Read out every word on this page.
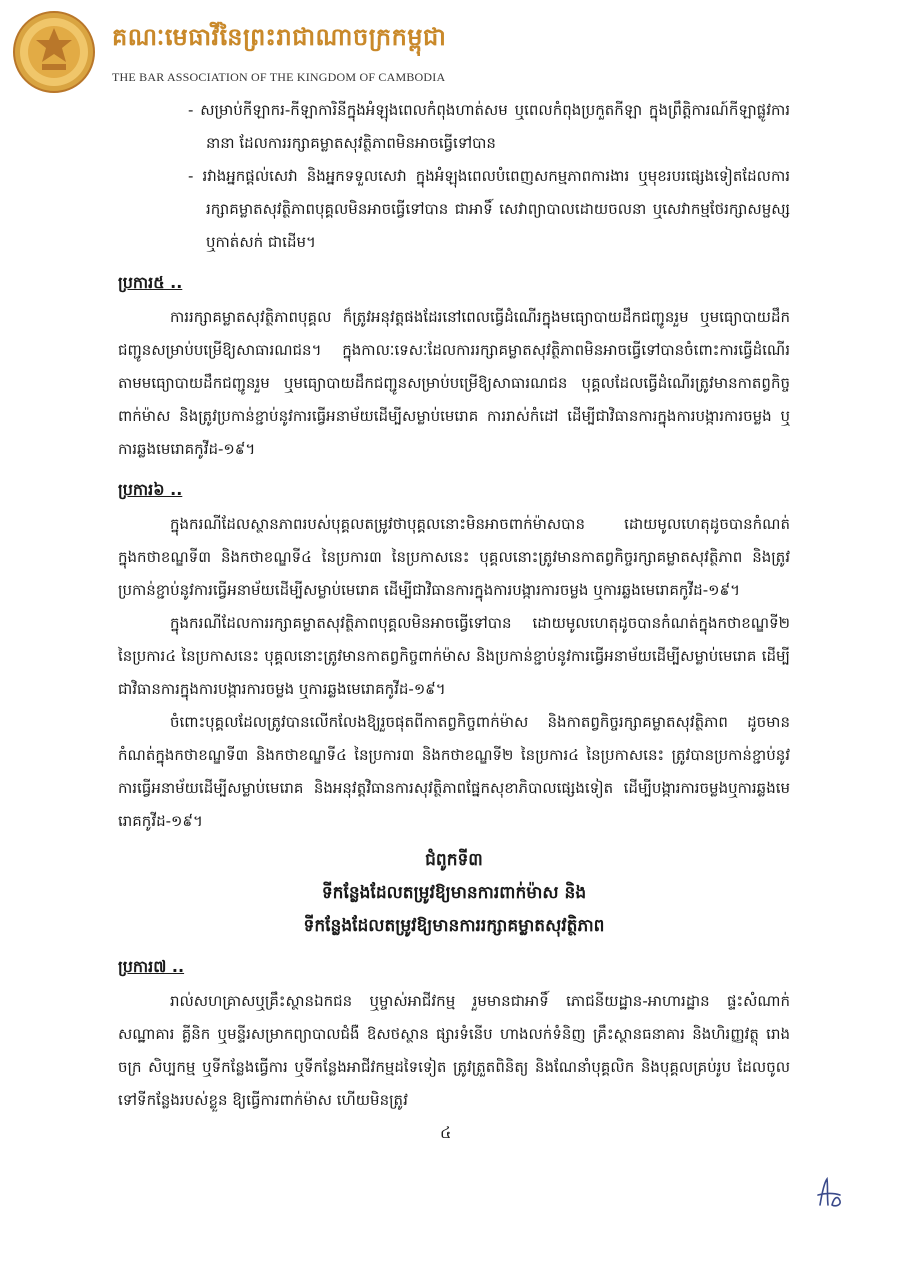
គណៈមេធាវីនៃព្រះរាជាណាចក្រកម្ពុជា
THE BAR ASSOCIATION OF THE KINGDOM OF CAMBODIA

- សម្រាប់កីឡាករ-កីឡាការិនីក្នុងអំឡុងពេលកំពុងហាត់សម ឬពេលកំពុងប្រកួតកីឡា ក្នុងព្រឹត្តិការណ៍កីឡាផ្លូវការនានា ដែលការរក្សាគម្លាតសុវត្ថិភាពមិនអាចធ្វើទៅបាន

- រវាងអ្នកផ្តល់សេវា និងអ្នកទទួលសេវា ក្នុងអំឡុងពេលបំពេញសកម្មភាពការងារ ឬមុខរបរផ្សេងទៀតដែលការរក្សាគម្លាតសុវត្ថិភាពបុគ្គលមិនអាចធ្វើទៅបាន ជាអាទិ៍ សេវាព្យាបាលដោយចលនា ឬសេវាកម្មថែរក្សាសម្ផស្ស ឬកាត់សក់ ជាដើម។

ប្រការ៥ ..

ការរក្សាគម្លាតសុវត្ថិភាពបុគ្គល ក៏ត្រូវអនុវត្តផងដែរនៅពេលធ្វើដំណើរក្នុងមធ្យោបាយដឹកជញ្ជូនរួម ឬមធ្យោបាយដឹកជញ្ជូនសម្រាប់បម្រើឱ្យសាធារណជន។ ក្នុងកាលៈទេសៈដែលការរក្សាគម្លាតសុវត្ថិភាពមិនអាចធ្វើទៅបានចំពោះការធ្វើដំណើរតាមមធ្យោបាយដឹកជញ្ជូនរួម ឬមធ្យោបាយដឹកជញ្ជូនសម្រាប់បម្រើឱ្យសាធារណជន បុគ្គលដែលធ្វើដំណើរត្រូវមានកាតព្វកិច្ចពាក់ម៉ាស និងត្រូវប្រកាន់ខ្ជាប់នូវការធ្វើអនាម័យដើម្បីសម្លាប់មេរោគ ការរាស់កំដៅ ដើម្បីជាវិធានការក្នុងការបង្ការការចម្លង ឬការឆ្លងមេរោគកូវីដ-១៩។

ប្រការ៦ ..

ក្នុងករណីដែលស្ថានភាពរបស់បុគ្គលតម្រូវថាបុគ្គលនោះមិនអាចពាក់ម៉ាសបាន ដោយមូលហេតុដូចបានកំណត់ក្នុងកថាខណ្ឌទី៣ និងកថាខណ្ឌទី៤ នៃប្រការ៣ នៃប្រកាសនេះ បុគ្គលនោះត្រូវមានកាតព្វកិច្ចរក្សាគម្លាតសុវត្ថិភាព និងត្រូវប្រកាន់ខ្ជាប់នូវការធ្វើអនាម័យដើម្បីសម្លាប់មេរោគ ដើម្បីជាវិធានការក្នុងការបង្ការការចម្លង ឬការឆ្លងមេរោគកូវីដ-១៩។

ក្នុងករណីដែលការរក្សាគម្លាតសុវត្ថិភាពបុគ្គលមិនអាចធ្វើទៅបាន ដោយមូលហេតុដូចបានកំណត់ក្នុងកថាខណ្ឌទី២ នៃប្រការ៤ នៃប្រកាសនេះ បុគ្គលនោះត្រូវមានកាតព្វកិច្ចពាក់ម៉ាស និងប្រកាន់ខ្ជាប់នូវការធ្វើអនាម័យដើម្បីសម្លាប់មេរោគ ដើម្បីជាវិធានការក្នុងការបង្ការការចម្លង ឬការឆ្លងមេរោគកូវីដ-១៩។

ចំពោះបុគ្គលដែលត្រូវបានលើកលែងឱ្យរួចផុតពីកាតព្វកិច្ចពាក់ម៉ាស និងកាតព្វកិច្ចរក្សាគម្លាតសុវត្ថិភាព ដូចមានកំណត់ក្នុងកថាខណ្ឌទី៣ និងកថាខណ្ឌទី៤ នៃប្រការ៣ និងកថាខណ្ឌទី២ នៃប្រការ៤ នៃប្រកាសនេះ ត្រូវបានប្រកាន់ខ្ជាប់នូវការធ្វើអនាម័យដើម្បីសម្លាប់មេរោគ និងអនុវត្តវិធានការសុវត្ថិភាពផ្នែកសុខាភិបាលផ្សេងទៀត ដើម្បីបង្ការការចម្លងឬការឆ្លងមេរោគកូវីដ-១៩។

ជំពូកទី៣
ទីកន្លែងដែលតម្រូវឱ្យមានការពាក់ម៉ាស និង
ទីកន្លែងដែលតម្រូវឱ្យមានការរក្សាគម្លាតសុវត្ថិភាព
ប្រការ៧ ..

រាល់សហគ្រាសឬគ្រឹះស្ថានឯកជន ឬម្ចាស់អាជីវកម្ម រួមមានជាអាទិ៍ ភោជនីយដ្ឋាន-អាហារដ្ឋាន ផ្ទះសំណាក់ សណ្ឋាគារ គ្លីនិក ឬមន្ទីរសម្រាកព្យាបាលជំងឺ ឱសថស្ថាន ផ្សារទំនើប ហាងលក់ទំនិញ គ្រឹះស្ថានធនាគារ និងហិរញ្ញវត្ថុ រោងចក្រ សិប្បកម្ម ឬទីកន្លែងធ្វើការ ឬទីកន្លែងអាជីវកម្មដទៃទៀត ត្រូវត្រួតពិនិត្យ និងណែនាំបុគ្គលិក និងបុគ្គលគ្រប់រូប ដែលចូលទៅទីកន្លែងរបស់ខ្លួន ឱ្យធ្វើការពាក់ម៉ាស ហើយមិនត្រូវ

៤
